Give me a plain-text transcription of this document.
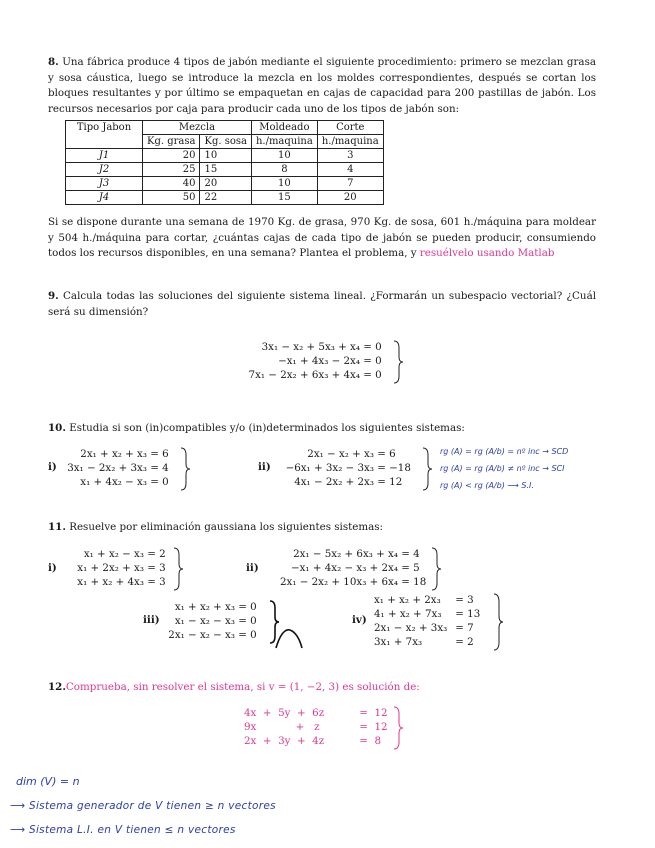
8. Una fábrica produce 4 tipos de jabón mediante el siguiente procedimiento: primero se mezclan grasa y sosa cáustica, luego se introduce la mezcla en los moldes correspondientes, después se cortan los bloques resultantes y por último se empaquetan en cajas de capacidad para 200 pastillas de jabón. Los recursos necesarios por caja para producir cada uno de los tipos de jabón son:
Tipo Jabon	Mezcla		Moldeado	Corte
	Kg. grasa	Kg. sosa	h./maquina	h./maquina
J1	20	10	10	3
J2	25	15	8	4
J3	40	20	10	7
J4	50	22	15	20
Si se dispone durante una semana de 1970 Kg. de grasa, 970 Kg. de sosa, 601 h./máquina para moldear y 504 h./máquina para cortar, ¿cuántas cajas de cada tipo de jabón se pueden producir, consumiendo todos los recursos disponibles, en una semana? Plantea el problema, y resuélvelo usando Matlab
9. Calcula todas las soluciones del siguiente sistema lineal. ¿Formarán un subespacio vectorial? ¿Cuál será su dimensión?
3x₁ − x₂ + 5x₃ + x₄ = 0
−x₁ + 4x₃ − 2x₄ = 0
7x₁ − 2x₂ + 6x₃ + 4x₄ = 0
10. Estudia si son (in)compatibles y/o (in)determinados los siguientes sistemas:
i)
2x₁ + x₂ + x₃ = 6
3x₁ − 2x₂ + 3x₃ = 4
x₁ + 4x₂ − x₃ = 0
ii)
2x₁ − x₂ + x₃ = 6
−6x₁ + 3x₂ − 3x₃ = −18
4x₁ − 2x₂ + 2x₃ = 12
rg (A) = rg (A/b) = nº inc → SCD
rg (A) = rg (A/b) ≠ nº inc → SCI
rg (A) < rg (A/b) ⟶ S.I.
11. Resuelve por eliminación gaussiana los siguientes sistemas:
i)
x₁ + x₂ − x₃ = 2
x₁ + 2x₂ + x₃ = 3
x₁ + x₂ + 4x₃ = 3
ii)
2x₁ − 5x₂ + 6x₃ + x₄ = 4
−x₁ + 4x₂ − x₃ + 2x₄ = 5
2x₁ − 2x₂ + 10x₃ + 6x₄ = 18
iii)
x₁ + x₂ + x₃ = 0
x₁ − x₂ − x₃ = 0
2x₁ − x₂ − x₃ = 0
iv)
x₁ + x₂ + 2x₃ = 3
4₁ + x₂ + 7x₃ = 13
2x₁ − x₂ + 3x₃ = 7
3x₁ + 7x₃	= 2
12.Comprueba, sin resolver el sistema, si v = (1, −2, 3) es solución de:
4x  +  5y  +  6z	=  12
9x            +   z	=  12
2x  +  3y  +  4z	=  8
dim (V) = n
⟶ Sistema generador de V tienen ≥ n vectores
⟶ Sistema L.I. en V tienen ≤ n vectores
